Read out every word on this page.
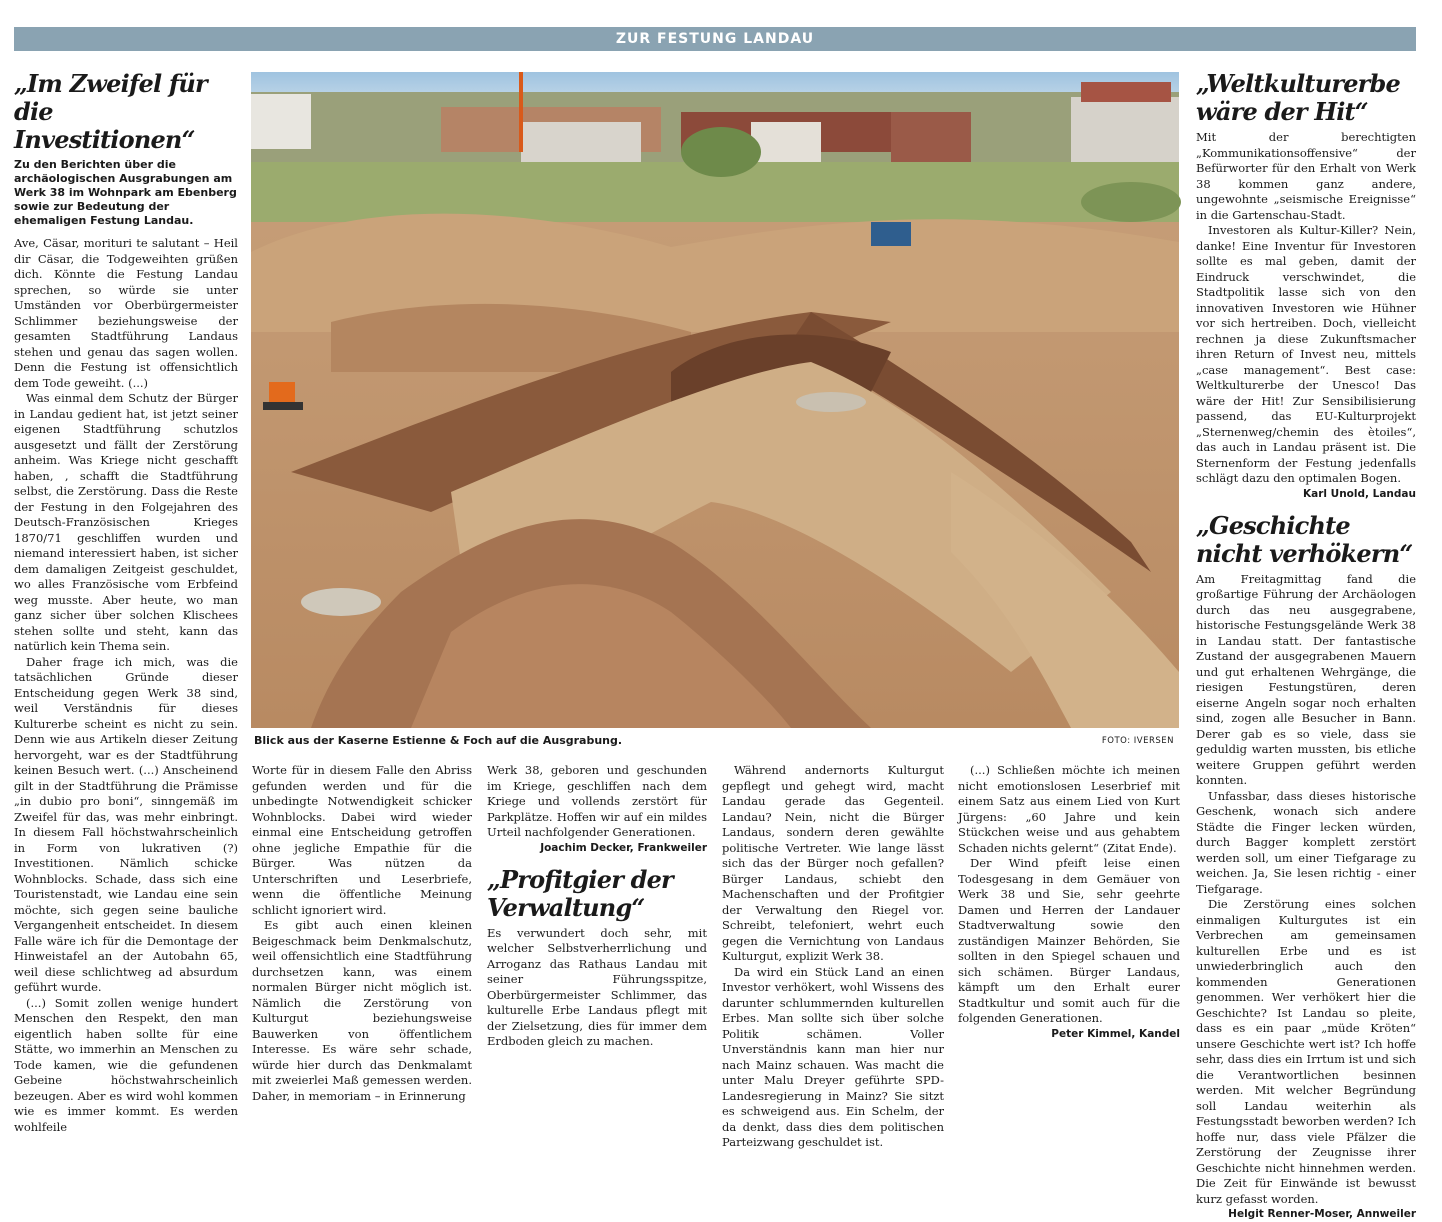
ZUR FESTUNG LANDAU
„Im Zweifel für die Investitionen“

Zu den Berichten über die archäologischen Ausgrabungen am Werk 38 im Wohnpark am Ebenberg sowie zur Bedeutung der ehemaligen Festung Landau.

Ave, Cäsar, morituri te salutant – Heil dir Cäsar, die Todgeweihten grüßen dich. Könnte die Festung Landau sprechen, so würde sie unter Umständen vor Oberbürgermeister Schlimmer beziehungsweise der gesamten Stadtführung Landaus stehen und genau das sagen wollen. Denn die Festung ist offensichtlich dem Tode geweiht. (...)

Was einmal dem Schutz der Bürger in Landau gedient hat, ist jetzt seiner eigenen Stadtführung schutzlos ausgesetzt und fällt der Zerstörung anheim. Was Kriege nicht geschafft haben, , schafft die Stadtführung selbst, die Zerstörung. Dass die Reste der Festung in den Folgejahren des Deutsch-Französischen Krieges 1870/71 geschliffen wurden und niemand interessiert haben, ist sicher dem damaligen Zeitgeist geschuldet, wo alles Französische vom Erbfeind weg musste. Aber heute, wo man ganz sicher über solchen Klischees stehen sollte und steht, kann das natürlich kein Thema sein.

Daher frage ich mich, was die tatsächlichen Gründe dieser Entscheidung gegen Werk 38 sind, weil Verständnis für dieses Kulturerbe scheint es nicht zu sein. Denn wie aus Artikeln dieser Zeitung hervorgeht, war es der Stadtführung keinen Besuch wert. (...) Anscheinend gilt in der Stadtführung die Prämisse „in dubio pro boni“, sinngemäß im Zweifel für das, was mehr einbringt. In diesem Fall höchstwahrscheinlich in Form von lukrativen (?) Investitionen. Nämlich schicke Wohnblocks. Schade, dass sich eine Touristenstadt, wie Landau eine sein möchte, sich gegen seine bauliche Vergangenheit entscheidet. In diesem Falle wäre ich für die Demontage der Hinweistafel an der Autobahn 65, weil diese schlichtweg ad absurdum geführt wurde.

(...) Somit zollen wenige hundert Menschen den Respekt, den man eigentlich haben sollte für eine Stätte, wo immerhin an Menschen zu Tode kamen, wie die gefundenen Gebeine höchstwahrscheinlich bezeugen. Aber es wird wohl kommen wie es immer kommt. Es werden wohlfeile

Blick aus der Kaserne Estienne & Foch auf die Ausgrabung.	FOTO: IVERSEN

Worte für in diesem Falle den Abriss gefunden werden und für die unbedingte Notwendigkeit schicker Wohnblocks. Dabei wird wieder einmal eine Entscheidung getroffen ohne jegliche Empathie für die Bürger. Was nützen da Unterschriften und Leserbriefe, wenn die öffentliche Meinung schlicht ignoriert wird.

Es gibt auch einen kleinen Beigeschmack beim Denkmalschutz, weil offensichtlich eine Stadtführung durchsetzen kann, was einem normalen Bürger nicht möglich ist. Nämlich die Zerstörung von Kulturgut beziehungsweise Bauwerken von öffentlichem Interesse. Es wäre sehr schade, würde hier durch das Denkmalamt mit zweierlei Maß gemessen werden. Daher, in memoriam – in Erinnerung

Werk 38, geboren und geschunden im Kriege, geschliffen nach dem Kriege und vollends zerstört für Parkplätze. Hoffen wir auf ein mildes Urteil nachfolgender Generationen.

Joachim Decker, Frankweiler

„Profitgier der Verwaltung“

Es verwundert doch sehr, mit welcher Selbstverherrlichung und Arroganz das Rathaus Landau mit seiner Führungsspitze, Oberbürgermeister Schlimmer, das kulturelle Erbe Landaus pflegt mit der Zielsetzung, dies für immer dem Erdboden gleich zu machen.

Während andernorts Kulturgut gepflegt und gehegt wird, macht Landau gerade das Gegenteil. Landau? Nein, nicht die Bürger Landaus, sondern deren gewählte politische Vertreter. Wie lange lässt sich das der Bürger noch gefallen? Bürger Landaus, schiebt den Machenschaften und der Profitgier der Verwaltung den Riegel vor. Schreibt, telefoniert, wehrt euch gegen die Vernichtung von Landaus Kulturgut, explizit Werk 38.

Da wird ein Stück Land an einen Investor verhökert, wohl Wissens des darunter schlummernden kulturellen Erbes. Man sollte sich über solche Politik schämen. Voller Unverständnis kann man hier nur nach Mainz schauen. Was macht die unter Malu Dreyer geführte SPD-Landesregierung in Mainz? Sie sitzt es schweigend aus. Ein Schelm, der da denkt, dass dies dem politischen Parteizwang geschuldet ist.

(...) Schließen möchte ich meinen nicht emotionslosen Leserbrief mit einem Satz aus einem Lied von Kurt Jürgens: „60 Jahre und kein Stückchen weise und aus gehabtem Schaden nichts gelernt“ (Zitat Ende).

Der Wind pfeift leise einen Todesgesang in dem Gemäuer von Werk 38 und Sie, sehr geehrte Damen und Herren der Landauer Stadtverwaltung sowie den zuständigen Mainzer Behörden, Sie sollten in den Spiegel schauen und sich schämen. Bürger Landaus, kämpft um den Erhalt eurer Stadtkultur und somit auch für die folgenden Generationen.

Peter Kimmel, Kandel

„Weltkulturerbe wäre der Hit“

Mit der berechtigten „Kommunikationsoffensive“ der Befürworter für den Erhalt von Werk 38 kommen ganz andere, ungewohnte „seismische Ereignisse“ in die Gartenschau-Stadt.

Investoren als Kultur-Killer? Nein, danke! Eine Inventur für Investoren sollte es mal geben, damit der Eindruck verschwindet, die Stadtpolitik lasse sich von den innovativen Investoren wie Hühner vor sich hertreiben. Doch, vielleicht rechnen ja diese Zukunftsmacher ihren Return of Invest neu, mittels „case management“. Best case: Weltkulturerbe der Unesco! Das wäre der Hit! Zur Sensibilisierung passend, das EU-Kulturprojekt „Sternenweg/chemin des ètoiles“, das auch in Landau präsent ist. Die Sternenform der Festung jedenfalls schlägt dazu den optimalen Bogen.

Karl Unold, Landau

„Geschichte nicht verhökern“

Am Freitagmittag fand die großartige Führung der Archäologen durch das neu ausgegrabene, historische Festungsgelände Werk 38 in Landau statt. Der fantastische Zustand der ausgegrabenen Mauern und gut erhaltenen Wehrgänge, die riesigen Festungstüren, deren eiserne Angeln sogar noch erhalten sind, zogen alle Besucher in Bann. Derer gab es so viele, dass sie geduldig warten mussten, bis etliche weitere Gruppen geführt werden konnten.

Unfassbar, dass dieses historische Geschenk, wonach sich andere Städte die Finger lecken würden, durch Bagger komplett zerstört werden soll, um einer Tiefgarage zu weichen. Ja, Sie lesen richtig - einer Tiefgarage.

Die Zerstörung eines solchen einmaligen Kulturgutes ist ein Verbrechen am gemeinsamen kulturellen Erbe und es ist unwiederbringlich auch den kommenden Generationen genommen. Wer verhökert hier die Geschichte? Ist Landau so pleite, dass es ein paar „müde Kröten“ unsere Geschichte wert ist? Ich hoffe sehr, dass dies ein Irrtum ist und sich die Verantwortlichen besinnen werden. Mit welcher Begründung soll Landau weiterhin als Festungsstadt beworben werden? Ich hoffe nur, dass viele Pfälzer die Zerstörung der Zeugnisse ihrer Geschichte nicht hinnehmen werden. Die Zeit für Einwände ist bewusst kurz gefasst worden.

Helgit Renner-Moser, Annweiler
